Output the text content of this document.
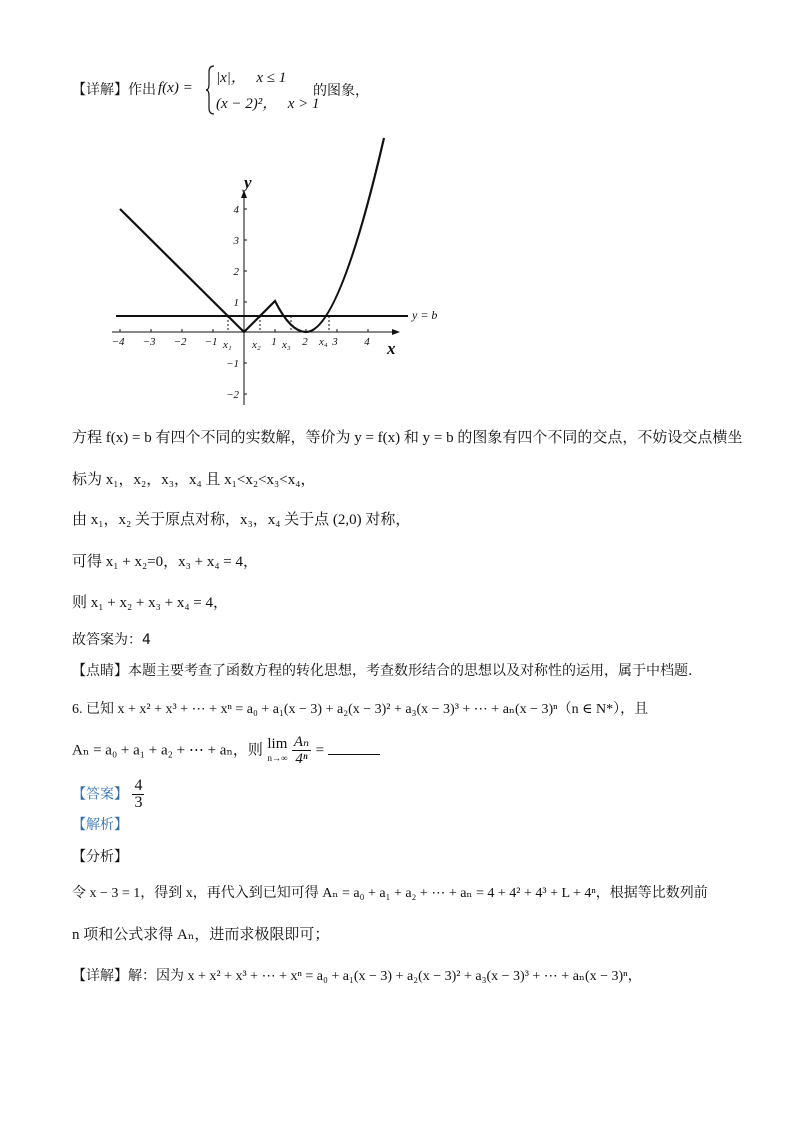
【详解】作出 f(x) =
|x|， x ≤ 1
(x − 2)²， x > 1
的图象，
−4 −3 −2 −1	1 2 3 4
4
3
2
1
−1
−2
y
x
y = b
x₁ x₂ x₃	x₄
方程 f(x) = b 有四个不同的实数解，等价为 y = f(x) 和 y = b 的图象有四个不同的交点，不妨设交点横坐
标为 x₁，x₂，x₃，x₄ 且 x₁<x₂<x₃<x₄，
由 x₁，x₂ 关于原点对称，x₃，x₄ 关于点 (2,0) 对称，
可得 x₁ + x₂=0，x₃ + x₄ = 4，
则 x₁ + x₂ + x₃ + x₄ = 4，
故答案为：4
【点睛】本题主要考查了函数方程的转化思想，考查数形结合的思想以及对称性的运用，属于中档题.
6. 已知 x + x² + x³ + ⋯ + xⁿ = a₀ + a₁(x − 3) + a₂(x − 3)² + a₃(x − 3)³ + ⋯ + aₙ(x − 3)ⁿ（n ∈ N*），且
Aₙ = a₀ + a₁ + a₂ + ⋯ + aₙ，则 lim
n→∞
$\frac{\text{Aₙ}}{\text{4ⁿ}}$ =
【答案】 $\frac{4}{3}$
【解析】
【分析】
令 x − 3 = 1，得到 x，再代入到已知可得 Aₙ = a₀ + a₁ + a₂ + ⋯ + aₙ = 4 + 4² + 4³ + L + 4ⁿ，根据等比数列前
n 项和公式求得 Aₙ，进而求极限即可；
【详解】解：因为 x + x² + x³ + ⋯ + xⁿ = a₀ + a₁(x − 3) + a₂(x − 3)² + a₃(x − 3)³ + ⋯ + aₙ(x − 3)ⁿ，
